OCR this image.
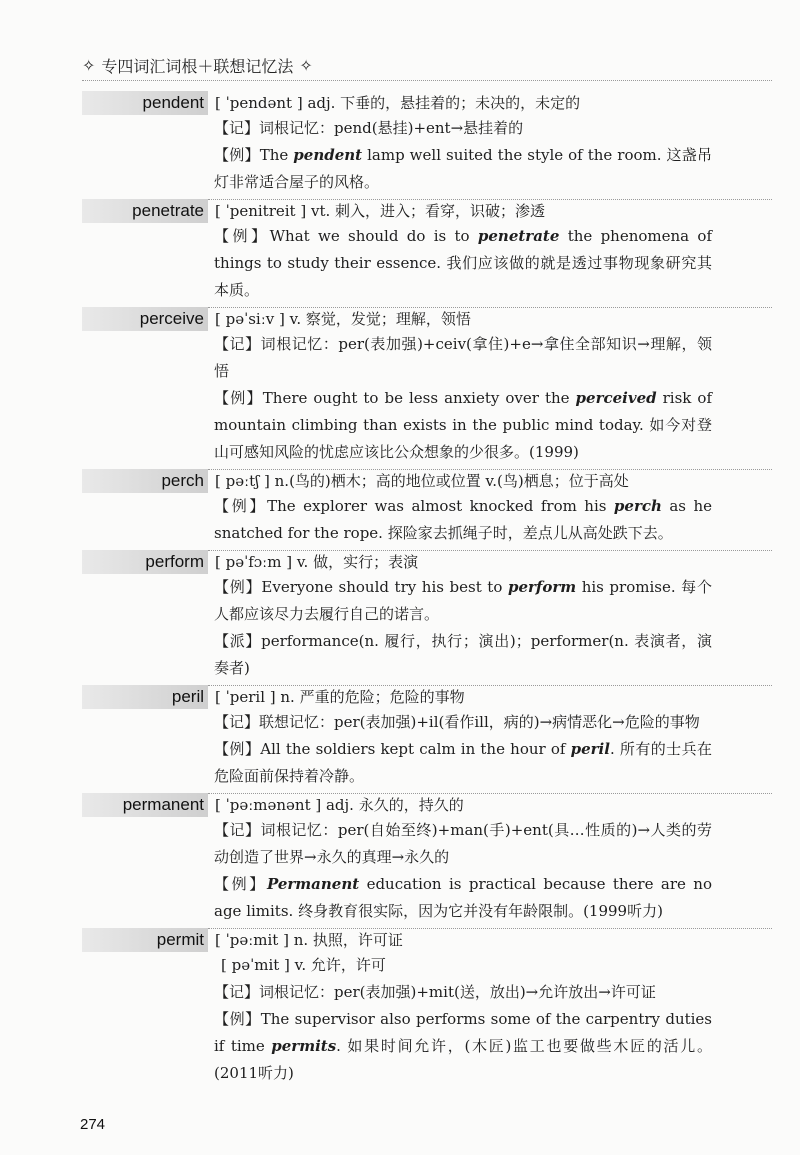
✧ 专四词汇词根＋联想记忆法 ✧
pendent [ ˈpendənt ] adj. 下垂的，悬挂着的；未决的，未定的
【记】词根记忆：pend(悬挂)+ent→悬挂着的
【例】The pendent lamp well suited the style of the room. 这盏吊灯非常适合屋子的风格。
penetrate [ ˈpenitreit ] vt. 刺入，进入；看穿，识破；渗透
【例】What we should do is to penetrate the phenomena of things to study their essence. 我们应该做的就是透过事物现象研究其本质。
perceive [ pəˈsiːv ] v. 察觉，发觉；理解，领悟
【记】词根记忆：per(表加强)+ceiv(拿住)+e→拿住全部知识→理解，领悟
【例】There ought to be less anxiety over the perceived risk of mountain climbing than exists in the public mind today. 如今对登山可感知风险的忧虑应该比公众想象的少很多。(1999)
perch [ pəːtʃ ] n.(鸟的)栖木；高的地位或位置 v.(鸟)栖息；位于高处
【例】The explorer was almost knocked from his perch as he snatched for the rope. 探险家去抓绳子时，差点儿从高处跌下去。
perform [ pəˈfɔːm ] v. 做，实行；表演
【例】Everyone should try his best to perform his promise. 每个人都应该尽力去履行自己的诺言。
【派】performance(n. 履行，执行；演出)；performer(n. 表演者，演奏者)
peril [ ˈperil ] n. 严重的危险；危险的事物
【记】联想记忆：per(表加强)+il(看作ill，病的)→病情恶化→危险的事物
【例】All the soldiers kept calm in the hour of peril. 所有的士兵在危险面前保持着冷静。
permanent [ ˈpəːmənənt ] adj. 永久的，持久的
【记】词根记忆：per(自始至终)+man(手)+ent(具…性质的)→人类的劳动创造了世界→永久的真理→永久的
【例】Permanent education is practical because there are no age limits. 终身教育很实际，因为它并没有年龄限制。(1999听力)
permit [ ˈpəːmit ] n. 执照，许可证
[ pəˈmit ] v. 允许，许可
【记】词根记忆：per(表加强)+mit(送，放出)→允许放出→许可证
【例】The supervisor also performs some of the carpentry duties if time permits. 如果时间允许，(木匠)监工也要做些木匠的活儿。(2011听力)
274
